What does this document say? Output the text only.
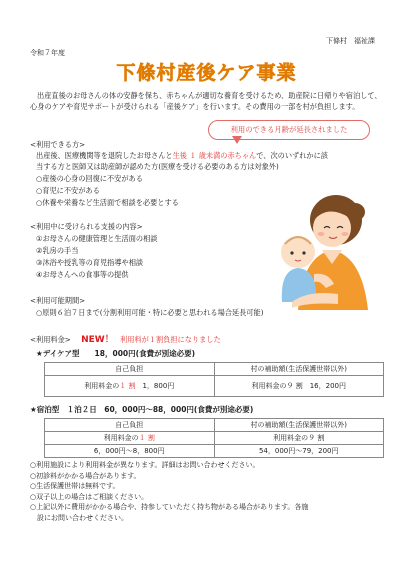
下條村　福祉課
令和７年度
下條村産後ケア事業
出産直後のお母さんの体の安静を保ち、赤ちゃんが適切な養育を受けるため、助産院に日帰りや宿泊して、心身のケアや育児サポートが受けられる「産後ケア」を行います。その費用の一部を村が負担します。
利用のできる月齢が延長されました
<利用できる方>
出産後、医療機関等を退院したお母さんと生後 １ 歳未満の赤ちゃんで、次のいずれかに該
当する方と医師又は助産師が認めた方(医療を受ける必要のある方は対象外)
○産後の心身の回復に不安がある
○育児に不安がある
○休養や栄養など生活面で相談を必要とする
<利用中に受けられる支援の内容>
①お母さんの健康管理と生活面の相談
②乳房の手当
③沐浴や授乳等の育児指導や相談
④お母さんへの食事等の提供
<利用可能期間>
○原則６泊７日まで(分割利用可能・特に必要と思われる場合延長可能)
<利用料金> NEW！ 利用料が１割負担になりました
★デイケア型　　18，000円(食費が別途必要)
自己負担	村の補助額(生活保護世帯以外)
利用料金の１ 割　 1，800円	利用料金の９ 割　16，200円
★宿泊型　１泊２日　60，000円〜88，000円(食費が別途必要)
自己負担	村の補助額(生活保護世帯以外)
利用料金の１ 割	利用料金の９ 割
6，000円〜8，800円	54，000円〜79，200円
○利用施設により利用料金が異なります。詳細はお問い合わせください。
○初診料がかかる場合があります。
○生活保護世帯は無料です。
○双子以上の場合はご相談ください。
○上記以外に費用がかかる場合や、持参していただく持ち物がある場合があります。各施
　設にお問い合わせください。
